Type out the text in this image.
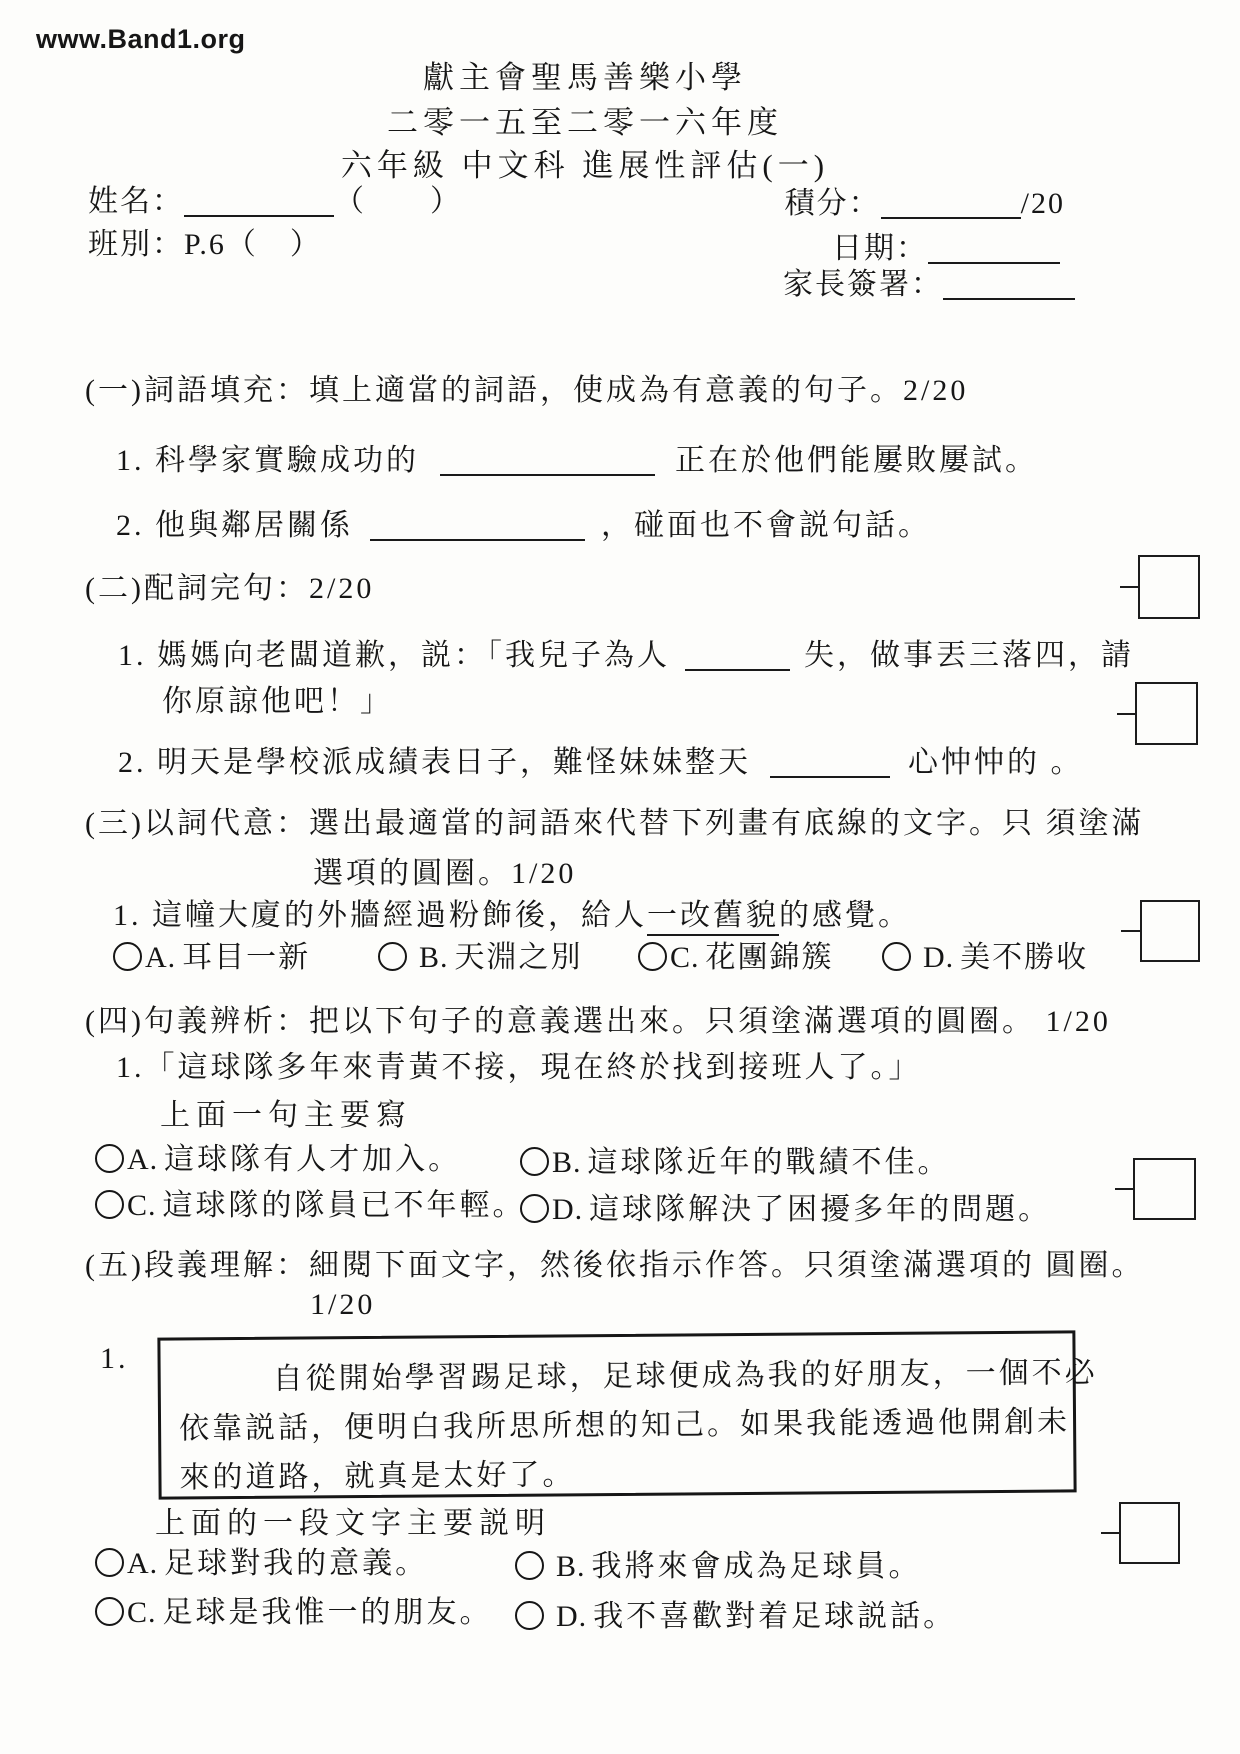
www.Band1.org
獻主會聖馬善樂小學
二零一五至二零一六年度
六年級 中文科 進展性評估(一)
姓名：	（　　）
班別：P.6（　）
積分：	/20
日期：
家長簽署：
(一)詞語填充：填上適當的詞語，使成為有意義的句子。2/20
1. 科學家實驗成功的	正在於他們能屢敗屢試。
2. 他與鄰居關係	，碰面也不會説句話。
(二)配詞完句：2/20
1. 媽媽向老闆道歉，説：「我兒子為人	失，做事丟三落四，請
你原諒他吧！」
2. 明天是學校派成績表日子，難怪妹妹整天	心忡忡的 。
(三)以詞代意：選出最適當的詞語來代替下列畫有底線的文字。只 須塗滿
選項的圓圈。1/20
1. 這幢大廈的外牆經過粉飾後，給人一改舊貌的感覺。
A. 耳目一新	B. 天淵之別	C. 花團錦簇	D. 美不勝收
(四)句義辨析：把以下句子的意義選出來。只須塗滿選項的圓圈。 1/20
1.「這球隊多年來青黃不接，現在終於找到接班人了。」
上面一句主要寫
A. 這球隊有人才加入。	B. 這球隊近年的戰績不佳。
C. 這球隊的隊員已不年輕。 D. 這球隊解決了困擾多年的問題。
(五)段義理解：細閱下面文字，然後依指示作答。只須塗滿選項的 圓圈。
1/20
1.	自從開始學習踢足球，足球便成為我的好朋友，一個不必
依靠説話，便明白我所思所想的知己。如果我能透過他開創未
來的道路，就真是太好了。
上面的一段文字主要説明
A. 足球對我的意義。	B. 我將來會成為足球員。
C. 足球是我惟一的朋友。	D. 我不喜歡對着足球説話。
